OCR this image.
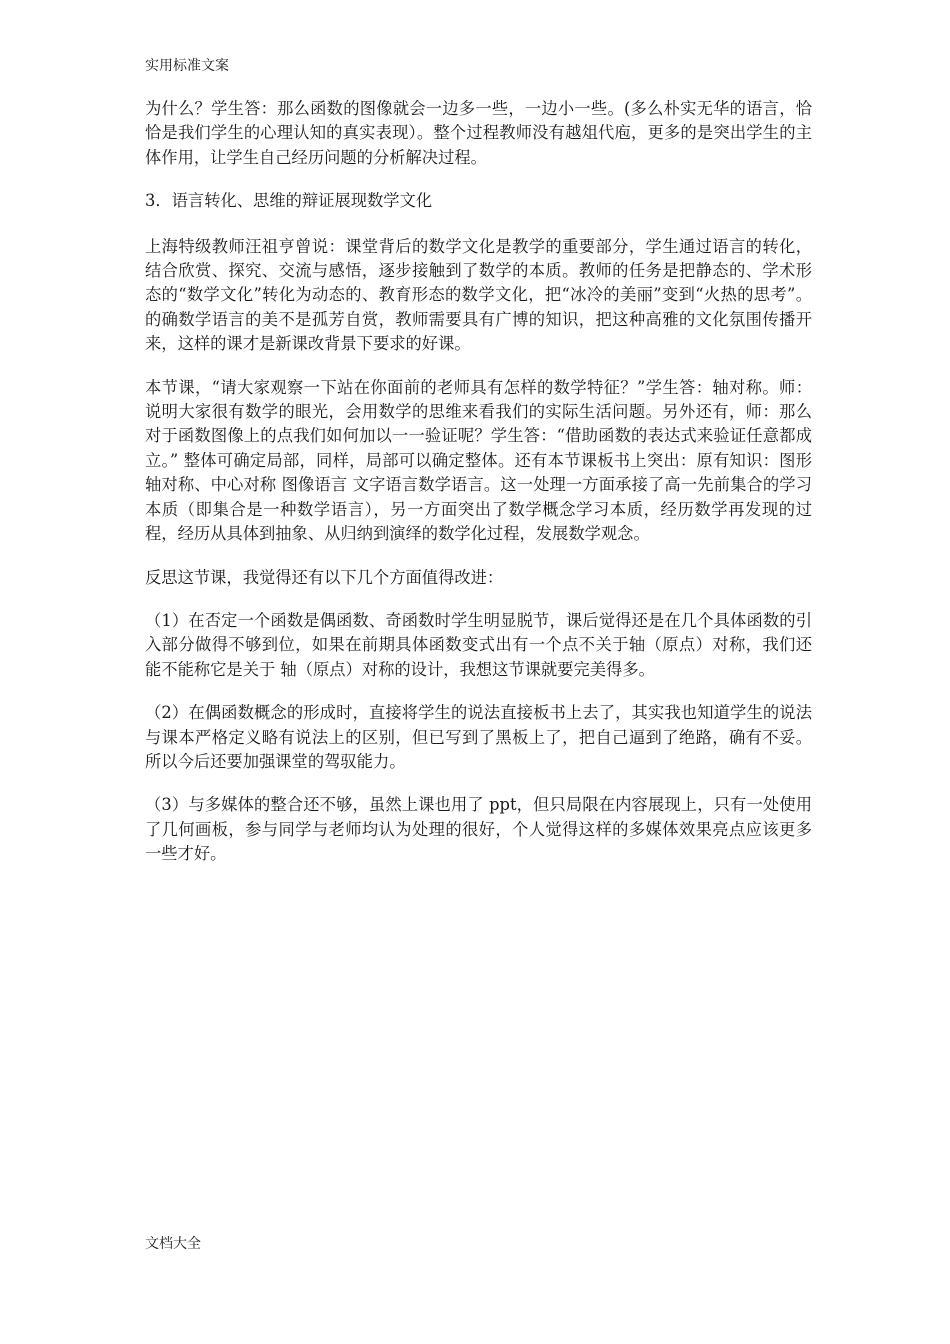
实用标准文案

为什么？学生答：那么函数的图像就会一边多一些，一边小一些。(多么朴实无华的语言，恰恰是我们学生的心理认知的真实表现）。整个过程教师没有越俎代庖，更多的是突出学生的主体作用，让学生自己经历问题的分析解决过程。

3．语言转化、思维的辩证展现数学文化

上海特级教师汪祖亨曾说：课堂背后的数学文化是教学的重要部分，学生通过语言的转化，结合欣赏、探究、交流与感悟，逐步接触到了数学的本质。教师的任务是把静态的、学术形态的“数学文化”转化为动态的、教育形态的数学文化，把“冰冷的美丽”变到“火热的思考”。的确数学语言的美不是孤芳自赏，教师需要具有广博的知识，把这种高雅的文化氛围传播开来，这样的课才是新课改背景下要求的好课。

本节课，“请大家观察一下站在你面前的老师具有怎样的数学特征？”学生答：轴对称。师：说明大家很有数学的眼光，会用数学的思维来看我们的实际生活问题。另外还有，师：那么对于函数图像上的点我们如何加以一一验证呢？学生答：“借助函数的表达式来验证任意都成立。” 整体可确定局部，同样，局部可以确定整体。还有本节课板书上突出：原有知识：图形轴对称、中心对称 图像语言 文字语言数学语言。这一处理一方面承接了高一先前集合的学习本质（即集合是一种数学语言），另一方面突出了数学概念学习本质，经历数学再发现的过程，经历从具体到抽象、从归纳到演绎的数学化过程，发展数学观念。

反思这节课，我觉得还有以下几个方面值得改进：

（1）在否定一个函数是偶函数、奇函数时学生明显脱节，课后觉得还是在几个具体函数的引入部分做得不够到位，如果在前期具体函数变式出有一个点不关于轴（原点）对称，我们还能不能称它是关于 轴（原点）对称的设计，我想这节课就要完美得多。

（2）在偶函数概念的形成时，直接将学生的说法直接板书上去了，其实我也知道学生的说法与课本严格定义略有说法上的区别，但已写到了黑板上了，把自己逼到了绝路，确有不妥。所以今后还要加强课堂的驾驭能力。

（3）与多媒体的整合还不够，虽然上课也用了 ppt，但只局限在内容展现上，只有一处使用了几何画板，参与同学与老师均认为处理的很好，个人觉得这样的多媒体效果亮点应该更多一些才好。

文档大全
